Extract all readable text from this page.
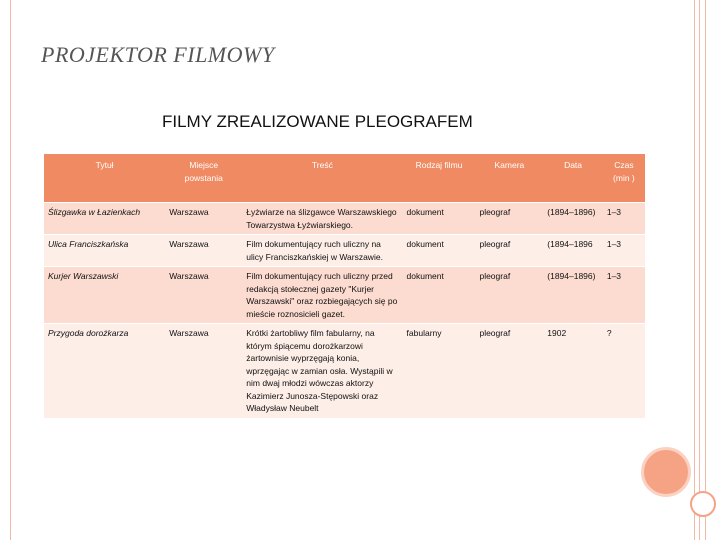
PROJEKTOR FILMOWY
FILMY ZREALIZOWANE PLEOGRAFEM
Tytuł	Miejsce powstania	Treść	Rodzaj filmu	Kamera	Data	Czas (min )
Ślizgawka w Łazienkach	Warszawa	Łyżwiarze na ślizgawce Warszawskiego Towarzystwa Łyżwiarskiego.	dokument	pleograf	(1894–1896)	1–3
Ulica Franciszkańska	Warszawa	Film dokumentujący ruch uliczny na ulicy Franciszkańskiej w Warszawie.	dokument	pleograf	(1894–1896	1–3
Kurjer Warszawski	Warszawa	Film dokumentujący ruch uliczny przed redakcją stołecznej gazety "Kurjer Warszawski" oraz rozbiegających się po mieście roznosicieli gazet.	dokument	pleograf	(1894–1896)	1–3
Przygoda dorożkarza	Warszawa	Krótki żartobliwy film fabularny, na którym śpiącemu dorożkarzowi żartownisie wyprzęgają konia, wprzęgając w zamian osła. Wystąpili w nim dwaj młodzi wówczas aktorzy Kazimierz Junosza-Stępowski oraz Władysław Neubelt	fabularny	pleograf	1902	?
